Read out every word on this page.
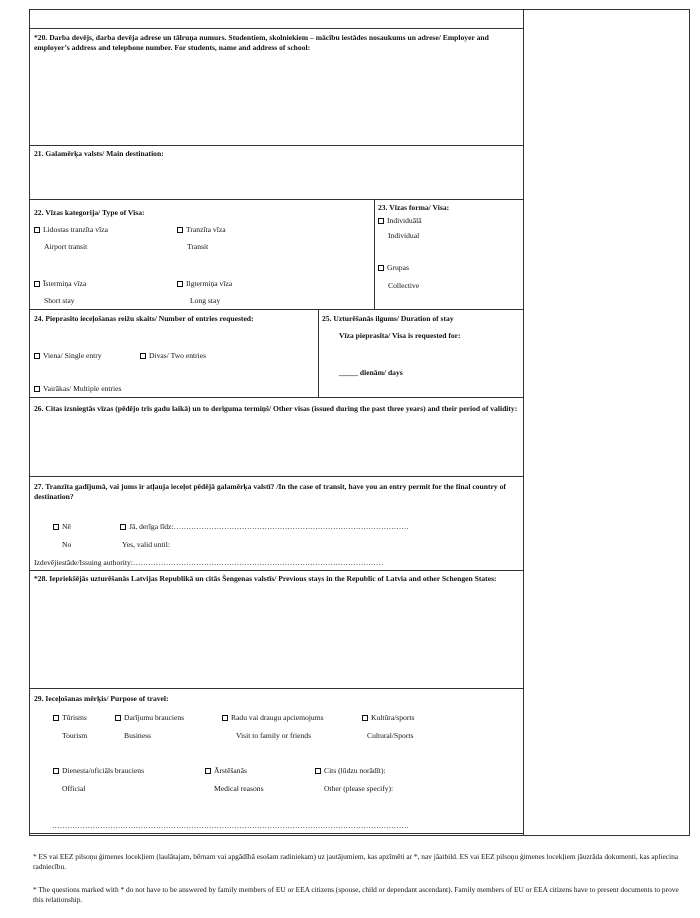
*20. Darba devējs, darba devēja adrese un tālruņa numurs. Studentiem, skolniekiem – mācību iestādes nosaukums un adrese/ Employer and employer’s address and telephone number. For students, name and address of school:
21. Galamērķa valsts/ Main destination:
22. Vīzas kategorija/ Type of Visa:
Lidostas tranzīta vīza
Airport transit
Tranzīta vīza
Transit
Īstermiņa vīza
Short stay
Ilgtermiņa vīza
Long stay
23. Vīzas forma/ Visa:
Individuālā
Individual
Grupas
Collective
24. Pieprasīto ieceļošanas reižu skaits/ Number of entries requested:
Viena/ Single entry	Divas/ Two entries
Vairākas/ Multiple entries
25. Uzturēšanās ilgums/ Duration of stay
Vīza pieprasīta/ Visa is requested for:
_____ dienām/ days
26. Citas izsniegtās vīzas (pēdējo trīs gadu laikā) un to derīguma termiņš/ Other visas (issued during the past three years) and their period of validity:
27. Tranzīta gadījumā, vai jums ir atļauja ieceļot pēdējā galamērķa valstī? /In the case of transit, have you an entry permit for the final country of destination?
Nē
No
Jā, derīga līdz:…………………………………………………………………………………
Yes, valid until:
Izdevējiestāde/Issuing authority:………………………………………………………………………………………
*28. Iepriekšējās uzturēšanās Latvijas Republikā un citās Šengenas valstīs/ Previous stays in the Republic of Latvia and other Schengen States:
29. Ieceļošanas mērķis/ Purpose of travel:
Tūrisms
Tourism
Darījumu brauciens
Business
Radu vai draugu apciemojums
Visit to family or friends
Kultūra/sports
Cultural/Sports
Dienesta/oficiāls brauciens
Official
Ārstēšanās
Medical reasons
Cits (lūdzu norādīt):
Other (please specify):
……………………………………………………………………………………………………………………………
* ES vai EEZ pilsoņu ģimenes locekļiem (laulātajam, bērnam vai apgādībā esošam radiniekam) uz jautājumiem, kas apzīmēti ar *, nav jāatbild. ES vai EEZ pilsoņu ģimenes locekļiem jāuzrāda dokumenti, kas apliecina radniecību.
* The questions marked with * do not have to be answered by family members of EU or EEA citizens (spouse, child or dependant ascendant). Family members of EU or EEA citizens have to present documents to prove this relationship.
